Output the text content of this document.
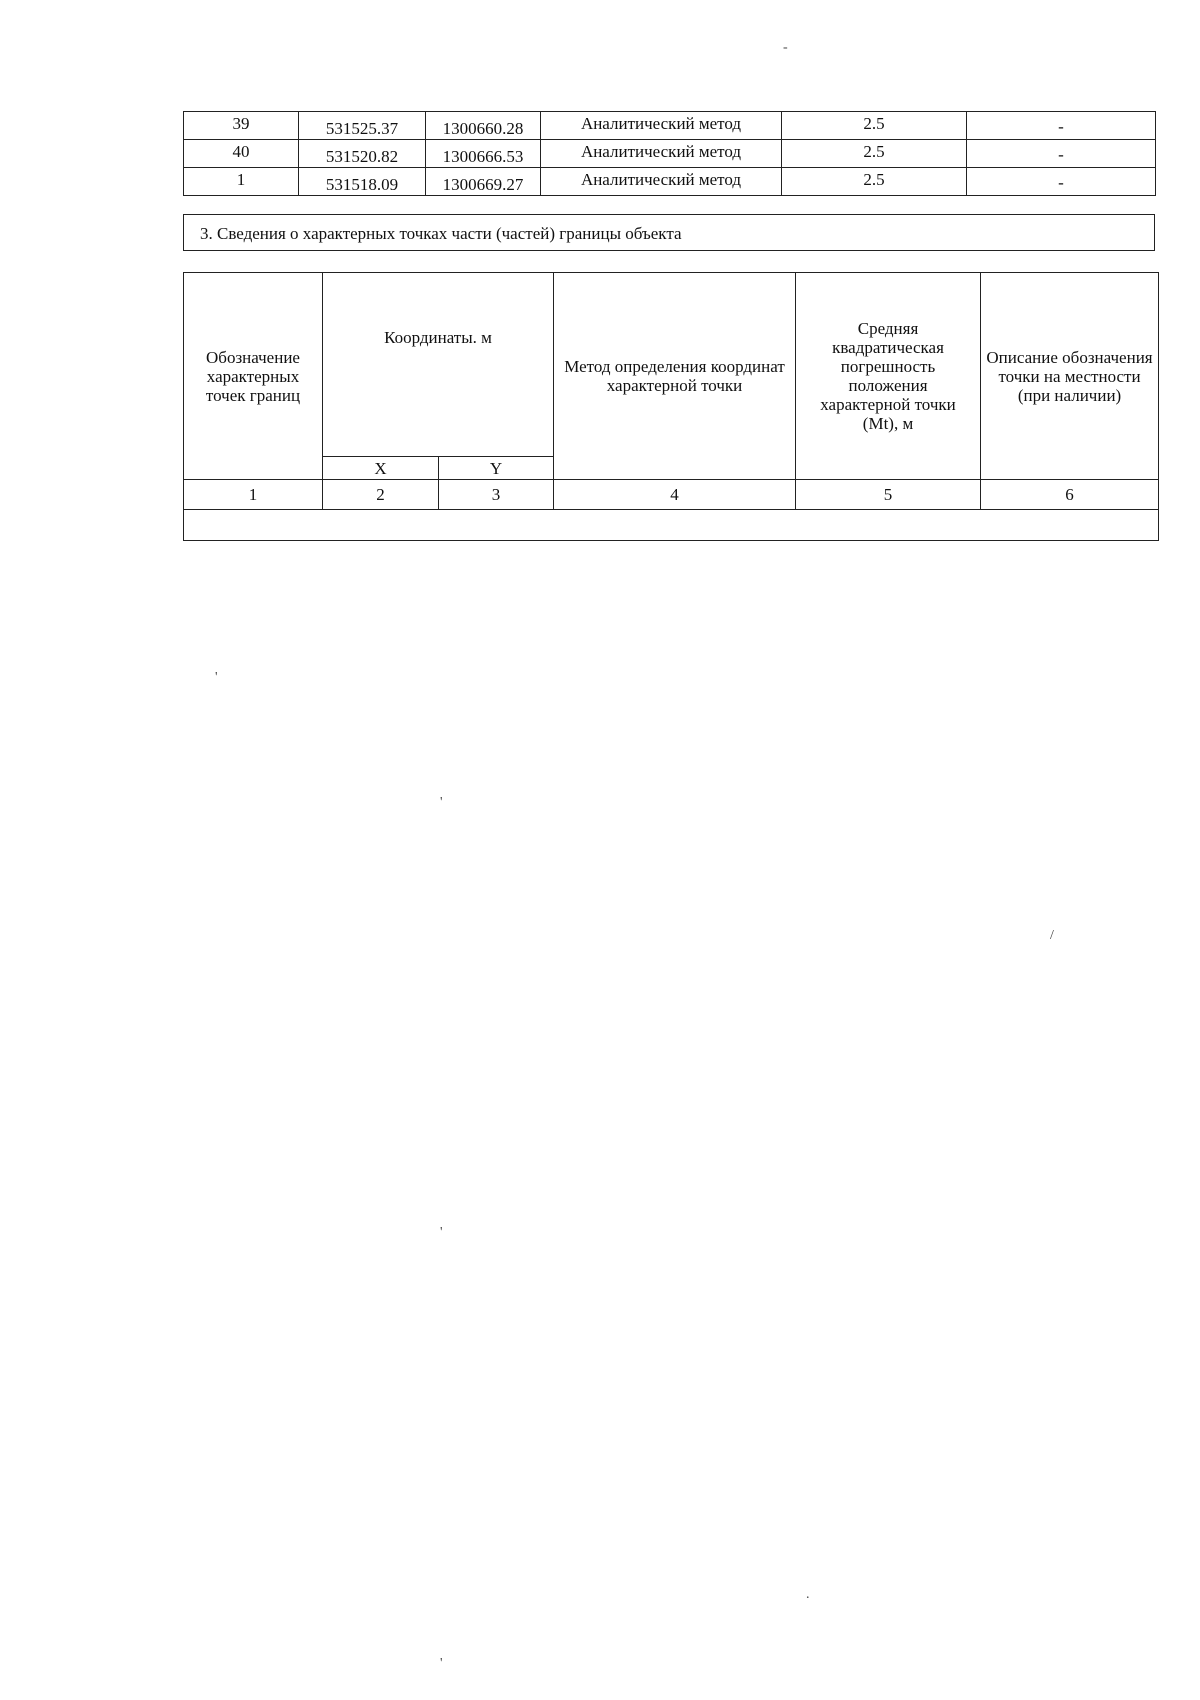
39	531525.37	1300660.28	Аналитический метод	2.5	-
40	531520.82	1300666.53	Аналитический метод	2.5	-
1	531518.09	1300669.27	Аналитический метод	2.5	-
3. Сведения о характерных точках части (частей) границы объекта
Обозначение характерных точек границ	Координаты. м		Метод определения координат характерной точки	Средняя квадратическая погрешность положения характерной точки (Mt), м	Описание обозначения точки на местности (при наличии)
	X	Y			
1	2	3	4	5	6

-
'
'
/
'
.
'
